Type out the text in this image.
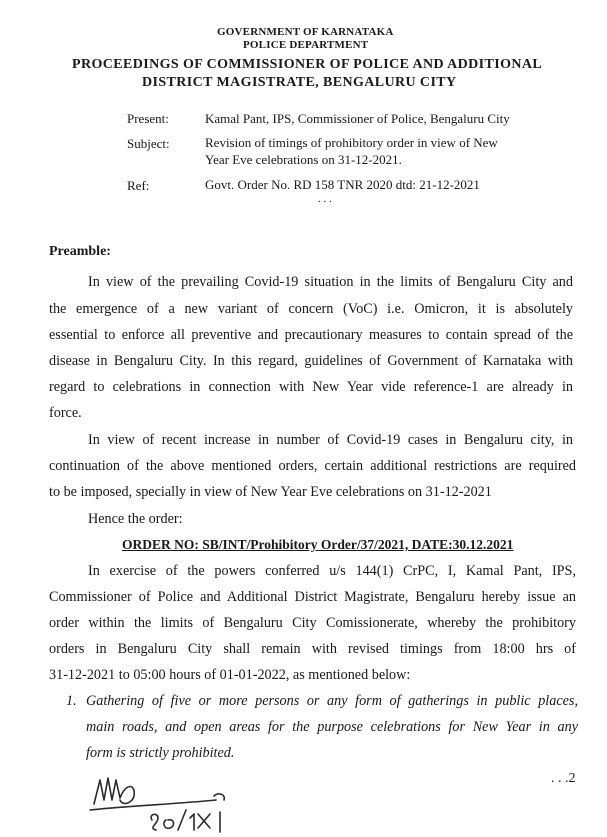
GOVERNMENT OF KARNATAKA
POLICE DEPARTMENT
PROCEEDINGS OF COMMISSIONER OF POLICE AND ADDITIONAL
DISTRICT MAGISTRATE, BENGALURU CITY
Present:	Kamal Pant, IPS, Commissioner of Police, Bengaluru City
Subject:	Revision of timings of prohibitory order in view of New
Year Eve celebrations on 31-12-2021.
Ref:	Govt. Order No. RD 158 TNR 2020 dtd: 21-12-2021
. . .
Preamble:
In view of the prevailing Covid-19 situation in the limits of Bengaluru City and
the emergence of a new variant of concern (VoC) i.e. Omicron, it is absolutely
essential to enforce all preventive and precautionary measures to contain spread of the
disease in Bengaluru City. In this regard, guidelines of Government of Karnataka with
regard to celebrations in connection with New Year vide reference-1 are already in
force.
In view of recent increase in number of Covid-19 cases in Bengaluru city, in
continuation of the above mentioned orders, certain additional restrictions are required
to be imposed, specially in view of New Year Eve celebrations on 31-12-2021
Hence the order:
ORDER NO: SB/INT/Prohibitory Order/37/2021, DATE:30.12.2021
In exercise of the powers conferred u/s 144(1) CrPC, I, Kamal Pant, IPS,
Commissioner of Police and Additional District Magistrate, Bengaluru hereby issue an
order within the limits of Bengaluru City Comissionerate, whereby the prohibitory
orders in Bengaluru City shall remain with revised timings from 18:00 hrs of
31-12-2021 to 05:00 hours of 01-01-2022, as mentioned below:
1. Gathering of five or more persons or any form of gatherings in public places,
main roads, and open areas for the purpose celebrations for New Year in any
form is strictly prohibited.
. . .2
